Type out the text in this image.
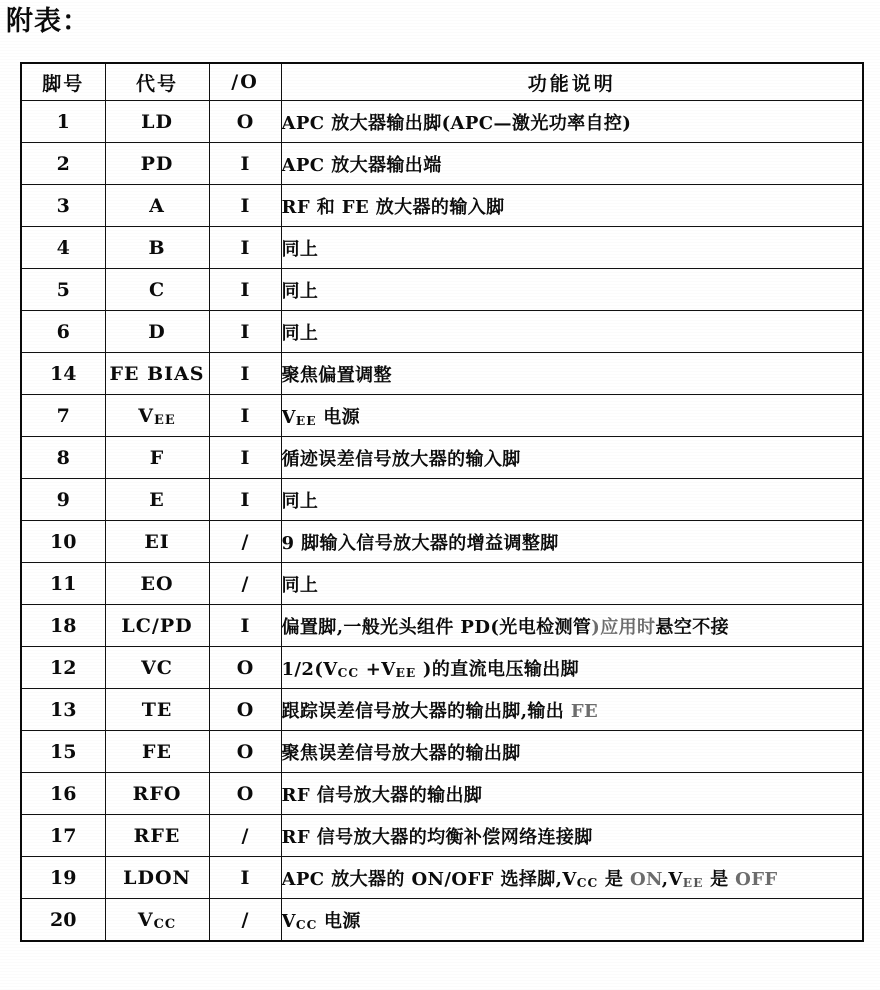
附表：
脚号	代号	/O	功能说明
1	LD	O	APC 放大器输出脚(APC—激光功率自控)
2	PD	I	APC 放大器输出端
3	A	I	RF 和 FE 放大器的输入脚
4	B	I	同上
5	C	I	同上
6	D	I	同上
14	FE BIAS	I	聚焦偏置调整
7	VEE	I	VEE 电源
8	F	I	循迹误差信号放大器的输入脚
9	E	I	同上
10	EI	/	9 脚输入信号放大器的增益调整脚
11	EO	/	同上
18	LC/PD	I	偏置脚,一般光头组件 PD(光电检测管)应用时悬空不接
12	VC	O	1/2(VCC +VEE )的直流电压输出脚
13	TE	O	跟踪误差信号放大器的输出脚,输出 FE
15	FE	O	聚焦误差信号放大器的输出脚
16	RFO	O	RF 信号放大器的输出脚
17	RFE	/	RF 信号放大器的均衡补偿网络连接脚
19	LDON	I	APC 放大器的 ON/OFF 选择脚,VCC 是 ON,VEE 是 OFF
20	VCC	/	VCC 电源
